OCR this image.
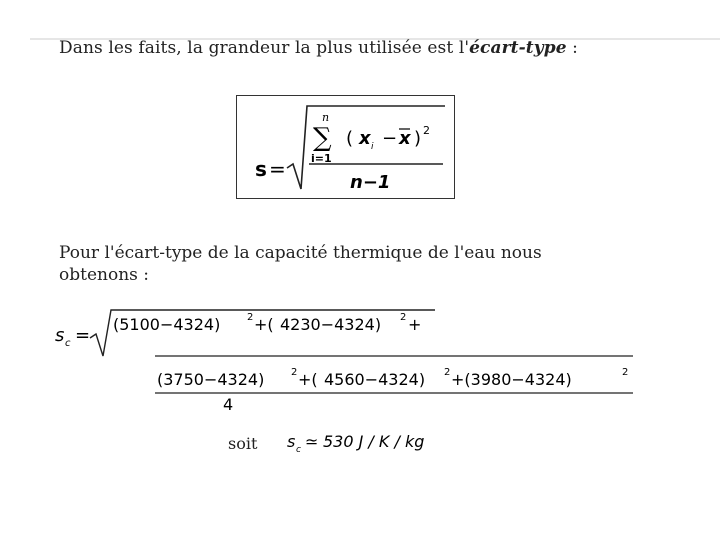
Dans les faits, la grandeur la plus utilisée est l'écart-type :
s =
n
∑
i=1
( x i − x ) 2
n−1
Pour l'écart-type de la capacité thermique de l'eau nous obtenons :
s c =
(5100−4324)	2 +( 4230−4324) 2 +
(3750−4324)	2 +( 4560−4324) 2 +(3980−4324)	2
4
soit s c ≃ 530 J / K / kg
